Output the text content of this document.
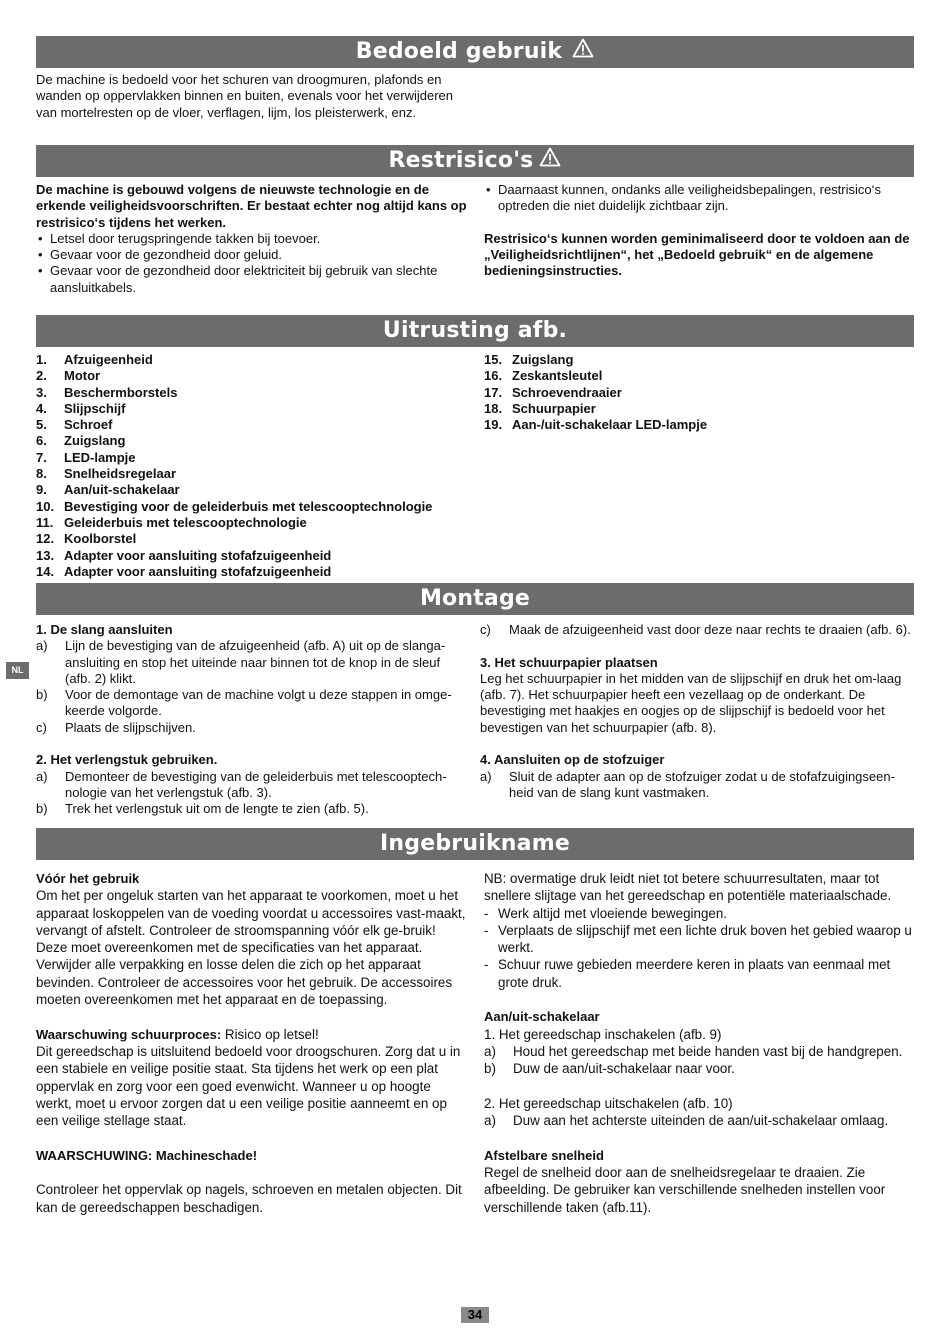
Bedoeld gebruik

De machine is bedoeld voor het schuren van droogmuren, plafonds en wanden op oppervlakken binnen en buiten, evenals voor het verwijderen van mortelresten op de vloer, verflagen, lijm, los pleisterwerk, enz.

Restrisico's

De machine is gebouwd volgens de nieuwste technologie en de erkende veiligheidsvoorschriften. Er bestaat echter nog altijd kans op restrisico‘s tijdens het werken.

• Letsel door terugspringende takken bij toevoer.
• Gevaar voor de gezondheid door geluid.
• Gevaar voor de gezondheid door elektriciteit bij gebruik van slechte aansluitkabels.
• Daarnaast kunnen, ondanks alle veiligheidsbepalingen, restrisico‘s optreden die niet duidelijk zichtbaar zijn.

Restrisico‘s kunnen worden geminimaliseerd door te voldoen aan de „Veiligheidsrichtlijnen“, het „Bedoeld gebruik“ en de algemene bedieningsinstructies.

Uitrusting afb.
1. Afzuigeenheid
2. Motor
3. Beschermborstels
4. Slijpschijf
5. Schroef
6. Zuigslang
7. LED-lampje
8. Snelheidsregelaar
9. Aan/uit-schakelaar
10. Bevestiging voor de geleiderbuis met telescooptechnologie
11. Geleiderbuis met telescooptechnologie
12. Koolborstel
13. Adapter voor aansluiting stofafzuigeenheid
14. Adapter voor aansluiting stofafzuigeenheid
15. Zuigslang
16. Zeskantsleutel
17. Schroevendraaier
18. Schuurpapier
19. Aan-/uit-schakelaar LED-lampje
Montage

1. De slang aansluiten

a) Lijn de bevestiging van de afzuigeenheid (afb. A) uit op de slanga-ansluiting en stop het uiteinde naar binnen tot de knop in de sleuf (afb. 2) klikt.
b) Voor de demontage van de machine volgt u deze stappen in omge-keerde volgorde.
c) Plaats de slijpschijven.

2. Het verlengstuk gebruiken.

a) Demonteer de bevestiging van de geleiderbuis met telescooptech-nologie van het verlengstuk (afb. 3).
b) Trek het verlengstuk uit om de lengte te zien (afb. 5).
c) Maak de afzuigeenheid vast door deze naar rechts te draaien (afb. 6).

3. Het schuurpapier plaatsen

Leg het schuurpapier in het midden van de slijpschijf en druk het om-laag (afb. 7). Het schuurpapier heeft een vezellaag op de onderkant. De bevestiging met haakjes en oogjes op de slijpschijf is bedoeld voor het bevestigen van het schuurpapier (afb. 8).

4. Aansluiten op de stofzuiger

a) Sluit de adapter aan op de stofzuiger zodat u de stofafzuigingseen-heid van de slang kunt vastmaken.
Ingebruikname

Vóór het gebruik

Om het per ongeluk starten van het apparaat te voorkomen, moet u het apparaat loskoppelen van de voeding voordat u accessoires vast-maakt, vervangt of afstelt. Controleer de stroomspanning vóór elk ge-bruik! Deze moet overeenkomen met de specificaties van het apparaat. Verwijder alle verpakking en losse delen die zich op het apparaat bevinden. Controleer de accessoires voor het gebruik. De accessoires moeten overeenkomen met het apparaat en de toepassing.

Waarschuwing schuurproces: Risico op letsel!

Dit gereedschap is uitsluitend bedoeld voor droogschuren. Zorg dat u in een stabiele en veilige positie staat. Sta tijdens het werk op een plat oppervlak en zorg voor een goed evenwicht. Wanneer u op hoogte werkt, moet u ervoor zorgen dat u een veilige positie aanneemt en op een veilige stellage staat.

WAARSCHUWING: Machineschade!

Controleer het oppervlak op nagels, schroeven en metalen objecten. Dit kan de gereedschappen beschadigen.

NB: overmatige druk leidt niet tot betere schuurresultaten, maar tot snellere slijtage van het gereedschap en potentiële materiaalschade.

- Werk altijd met vloeiende bewegingen.
- Verplaats de slijpschijf met een lichte druk boven het gebied waarop u werkt.
- Schuur ruwe gebieden meerdere keren in plaats van eenmaal met grote druk.

Aan/uit-schakelaar

1. Het gereedschap inschakelen (afb. 9)

a) Houd het gereedschap met beide handen vast bij de handgrepen.
b) Duw de aan/uit-schakelaar naar voor.

2. Het gereedschap uitschakelen (afb. 10)

a) Duw aan het achterste uiteinden de aan/uit-schakelaar omlaag.

Afstelbare snelheid

Regel de snelheid door aan de snelheidsregelaar te draaien. Zie afbeelding. De gebruiker kan verschillende snelheden instellen voor verschillende taken (afb.11).

NL
34
